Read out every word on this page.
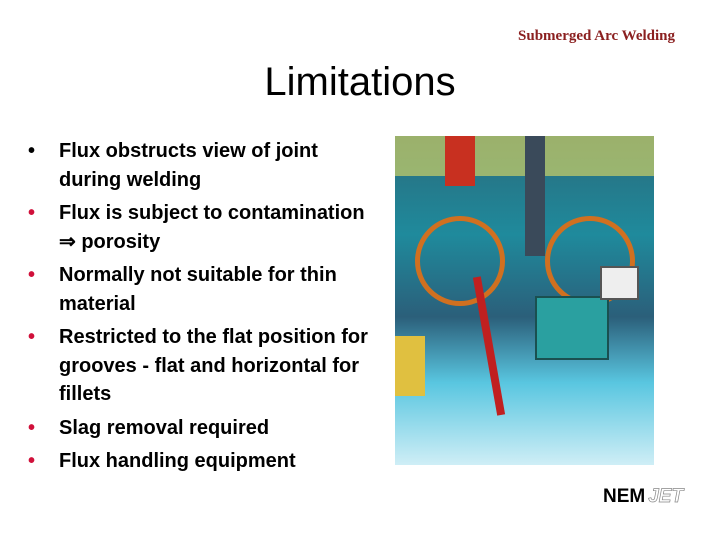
Submerged Arc Welding
Limitations
• Flux obstructs view of joint during welding
• Flux is subject to contamination ⇒ porosity
• Normally not suitable for thin material
• Restricted to the flat position for grooves - flat and horizontal for fillets
• Slag removal required
• Flux handling equipment
NEM JET
